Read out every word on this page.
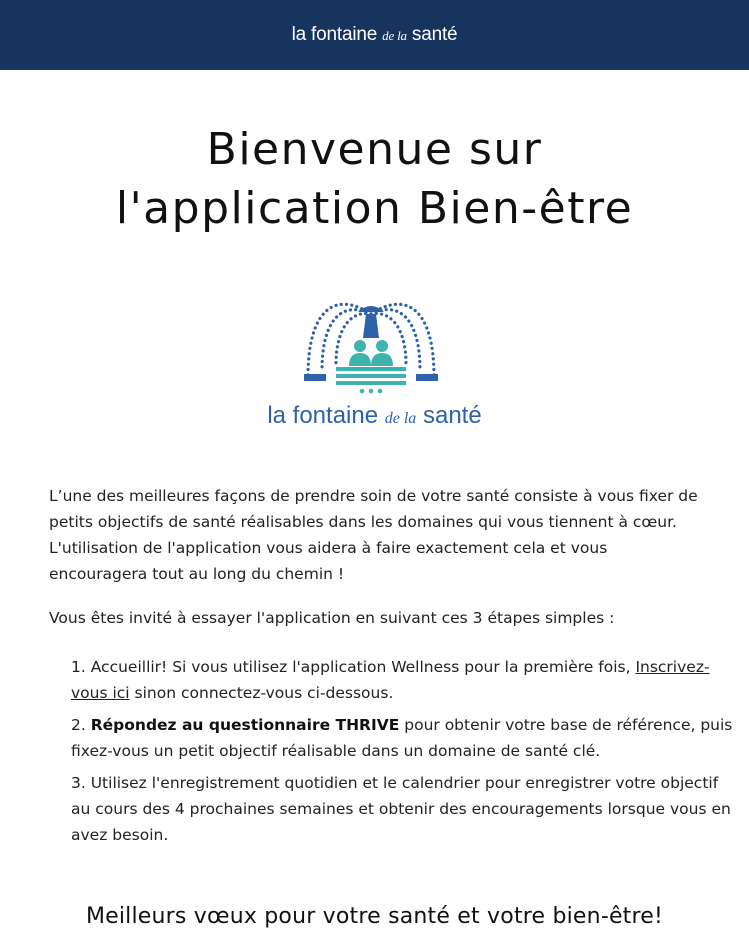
la fontaine de la santé
Bienvenue sur
l'application Bien-être
la fontaine de la santé

L’une des meilleures façons de prendre soin de votre santé consiste à vous fixer de petits objectifs de santé réalisables dans les domaines qui vous tiennent à cœur. L'utilisation de l'application vous aidera à faire exactement cela et vous encouragera tout au long du chemin !

Vous êtes invité à essayer l'application en suivant ces 3 étapes simples :

1. Accueillir! Si vous utilisez l'application Wellness pour la première fois, Inscrivez-vous ici sinon connectez-vous ci-dessous.
2. Répondez au questionnaire THRIVE pour obtenir votre base de référence, puis fixez-vous un petit objectif réalisable dans un domaine de santé clé.
3. Utilisez l'enregistrement quotidien et le calendrier pour enregistrer votre objectif au cours des 4 prochaines semaines et obtenir des encouragements lorsque vous en avez besoin.
Meilleurs vœux pour votre santé et votre bien-être!
